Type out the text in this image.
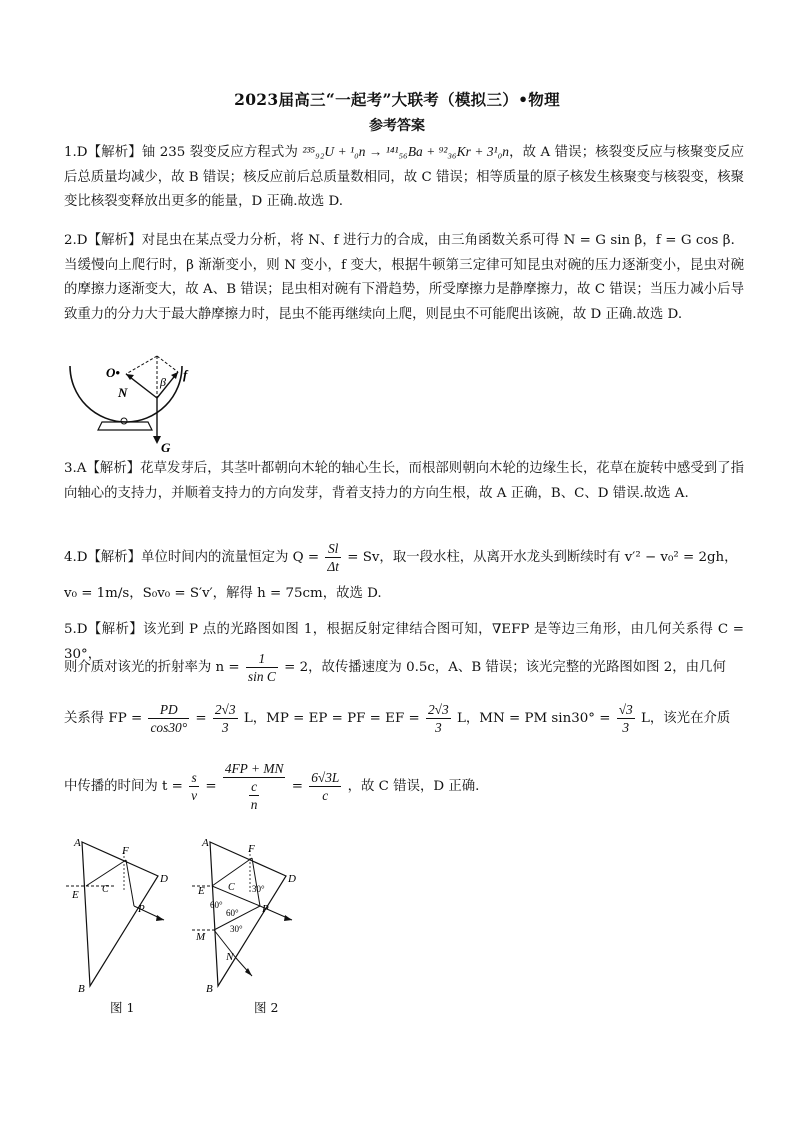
2023届高三“一起考”大联考（模拟三）•物理
参考答案
1.D【解析】铀 235 裂变反应方程式为 ²³⁵₉₂U + ¹₀n → ¹⁴¹₅₆Ba + ⁹²₃₆Kr + 3¹₀n，故 A 错误；核裂变反应与核聚变反应后总质量均减少，故 B 错误；核反应前后总质量数相同，故 C 错误；相等质量的原子核发生核聚变与核裂变，核聚变比核裂变释放出更多的能量，D 正确.故选 D.
2.D【解析】对昆虫在某点受力分析，将 N、f 进行力的合成，由三角函数关系可得 N = G sin β，f = G cos β．当缓慢向上爬行时，β 渐渐变小，则 N 变小，f 变大，根据牛顿第三定律可知昆虫对碗的压力逐渐变小，昆虫对碗的摩擦力逐渐变大，故 A、B 错误；昆虫相对碗有下滑趋势，所受摩擦力是静摩擦力，故 C 错误；当压力减小后导致重力的分力大于最大静摩擦力时，昆虫不能再继续向上爬，则昆虫不可能爬出该碗，故 D 正确.故选 D.
O•
N
β f
G
3.A【解析】花草发芽后，其茎叶都朝向木轮的轴心生长，而根部则朝向木轮的边缘生长，花草在旋转中感受到了指向轴心的支持力，并顺着支持力的方向发芽，背着支持力的方向生根，故 A 正确，B、C、D 错误.故选 A.
4.D【解析】单位时间内的流量恒定为 $Q = \frac{Sl}{\Delta t} = Sv$，取一段水柱，从离开水龙头到断续时有 v′² − v₀² = 2gh，
v₀ = 1m/s，S₀v₀ = S′v′，解得 h = 75cm，故选 D.
5.D【解析】该光到 P 点的光路图如图 1，根据反射定律结合图可知，∇EFP 是等边三角形，由几何关系得 C = 30°，
则介质对该光的折射率为 $n = \frac{1}{\text{sin C}} = 2$，故传播速度为 0.5c，A、B 错误；该光完整的光路图如图 2，由几何
关系得 FP = $\frac{PD}{\cos 30^\circ} = \frac{2√3}{3}$ L，MP = EP = PF = EF = $\frac{2√3}{3}$ L，MN = PM $\sin 30^\circ = \frac{√3}{3}$ L，该光在介质
中传播的时间为 $t = \frac{s}{v} = \frac{4FP + MN}{\frac{c}{n}} = \frac{6√3L}{c}$ ，故 C 错误，D 正确.
A
D
E
F
C
P
B
图 1
A
D
E
F
C
P
M
N
B
60°
60°
30°
30°
图 2
